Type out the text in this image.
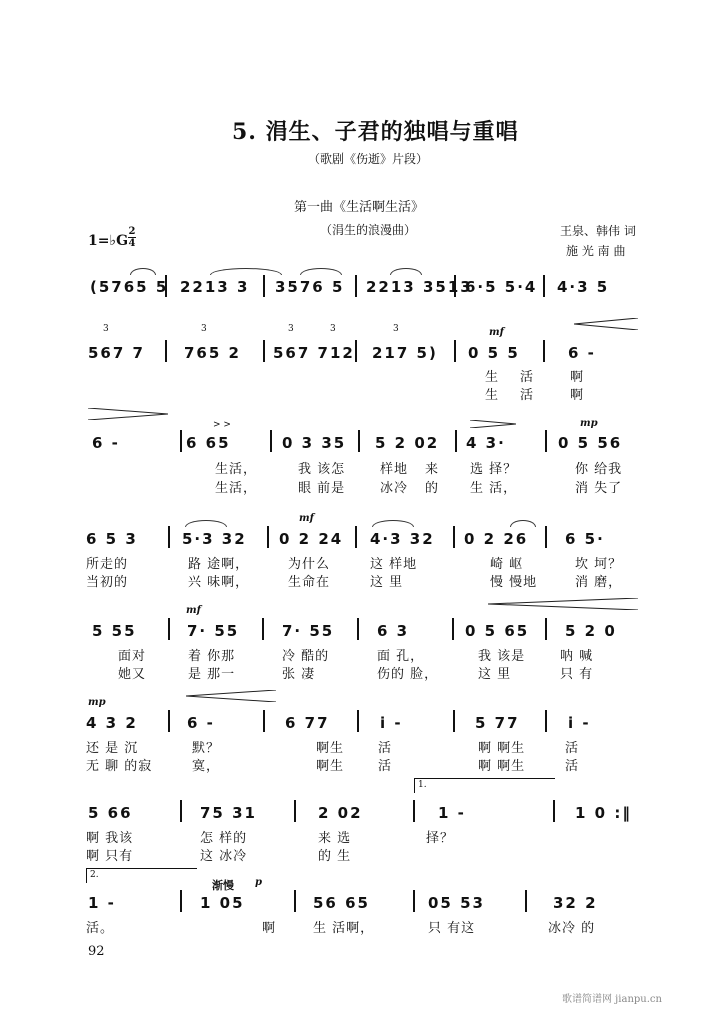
5. 涓生、子君的独唱与重唱
（歌剧《伤逝》片段）
第一曲《生活啊生活》
（涓生的浪漫曲）	王泉、韩伟 词
施 光 南 曲
1=♭G
2
4
(5765 5 2213 3 3576 5 2213 3513
6·5 5·4 4·3 5
567 7	765 2 567 712 217 5) 0 5 5	6 -
mf
3	3	3	3	3
生 活	啊
生 活	啊
6 -	6 65	0 3 35 5 2 02 4 3·	0 5 56
mp
> >
生活，	我 该怎	样地 来 选 择？	你 给我
生活，	眼 前是	冰冷 的 生 活，	消 失了
6 5 3	5·3 32 0 2 24 4·3 32 0 2 26 6 5·
mf
所走的	路 途啊，	为什么	这 样地	崎 岖	坎 坷？
当初的	兴 味啊，	生命在	这 里	慢 慢地	消 磨，
5 55	7· 55	7· 55	6 3	0 5 65 5 2 0
mf
面对	着 你那	冷 酷的	面 孔，	我 该是	呐 喊
她又	是 那一	张 凄	伤的 脸，	这 里	只 有
4 3 2	6 -	6 77	i -	5 77	i -
mp
还 是 沉	默？	啊生	活	啊 啊生	活
无 聊 的寂	寞，	啊生	活	啊 啊生	活
1.
5 66	75 31	2 02	1 -	1 0 :‖
啊 我该	怎 样的	来 选	择？
啊 只有	这 冰冷	的 生
2.
1 -	1 05	56 65	05 53	32 2
渐慢 p
活。	啊	生 活啊，	只 有这	冰冷 的
92
歌谱简谱网 jianpu.cn
